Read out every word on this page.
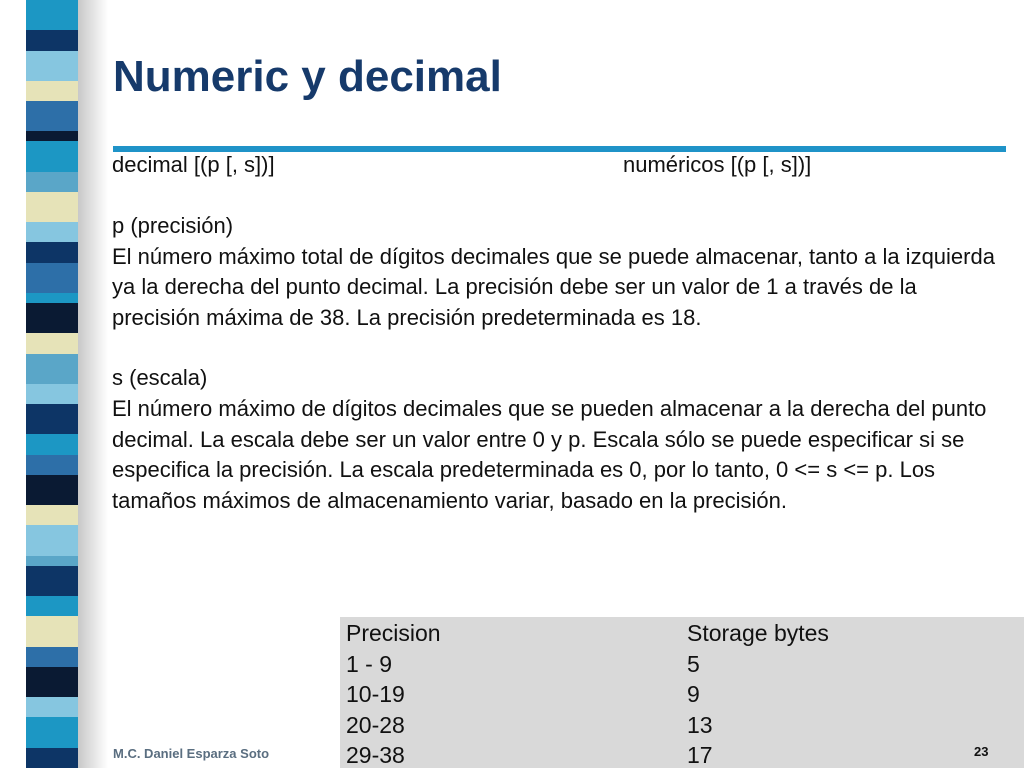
Numeric y decimal
decimal [(p [, s])]	numéricos [(p [, s])]

p (precisión)

El número máximo total de dígitos decimales que se puede almacenar, tanto a la izquierda ya la derecha del punto decimal. La precisión debe ser un valor de 1 a través de la precisión máxima de 38. La precisión predeterminada es 18.

s (escala)

El número máximo de dígitos decimales que se pueden almacenar a la derecha del punto decimal. La escala debe ser un valor entre 0 y p. Escala sólo se puede especificar si se especifica la precisión. La escala predeterminada es 0, por lo tanto, 0 <= s <= p. Los tamaños máximos de almacenamiento variar, basado en la precisión.

Precision	Storage bytes
1 - 9	5
10-19	9
20-28	13
29-38	17
M.C. Daniel Esparza Soto	23
